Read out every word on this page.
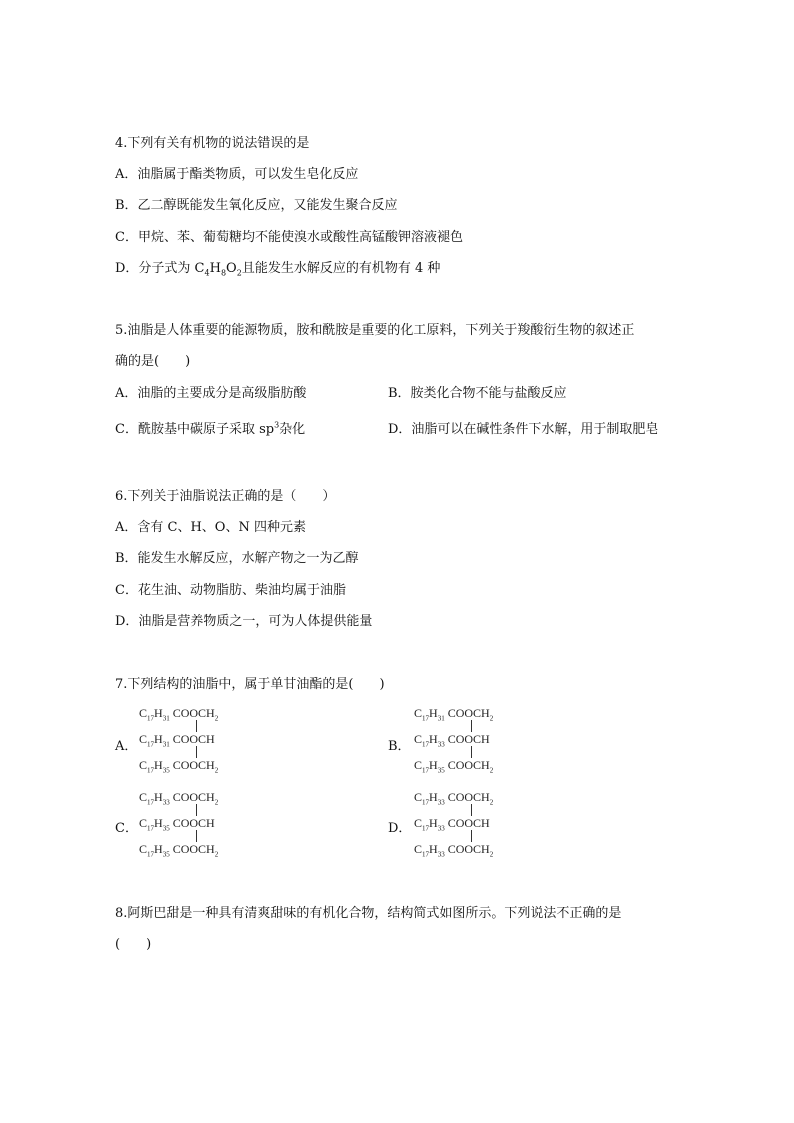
4.下列有关有机物的说法错误的是
A．油脂属于酯类物质，可以发生皂化反应
B．乙二醇既能发生氧化反应，又能发生聚合反应
C．甲烷、苯、葡萄糖均不能使溴水或酸性高锰酸钾溶液褪色
D．分子式为 $C_4H_8O_2$且能发生水解反应的有机物有 4 种
5.油脂是人体重要的能源物质，胺和酰胺是重要的化工原料，下列关于羧酸衍生物的叙述正
确的是(　　)
A．油脂的主要成分是高级脂肪酸	B．胺类化合物不能与盐酸反应
C．酰胺基中碳原子采取 $sp^3$杂化	D．油脂可以在碱性条件下水解，用于制取肥皂
6.下列关于油脂说法正确的是（　　）
A．含有 C、H、O、N 四种元素
B．能发生水解反应，水解产物之一为乙醇
C．花生油、动物脂肪、柴油均属于油脂
D．油脂是营养物质之一，可为人体提供能量
7.下列结构的油脂中，属于单甘油酯的是(　　)
A．
$C_{17}H_{31}$ $COOCH_2$
$C_{17}H_{31}$ COOCH
$C_{17}H_{35}$ $COOCH_2$
B．
$C_{17}H_{31}$ $COOCH_2$
$C_{17}H_{33}$ COOCH
$C_{17}H_{35}$ $COOCH_2$
C．
$C_{17}H_{33}$ $COOCH_2$
$C_{17}H_{35}$ COOCH
$C_{17}H_{35}$ $COOCH_2$
D．
$C_{17}H_{33}$ $COOCH_2$
$C_{17}H_{33}$ COOCH
$C_{17}H_{33}$ $COOCH_2$
8.阿斯巴甜是一种具有清爽甜味的有机化合物，结构简式如图所示。下列说法不正确的是
(　　)
